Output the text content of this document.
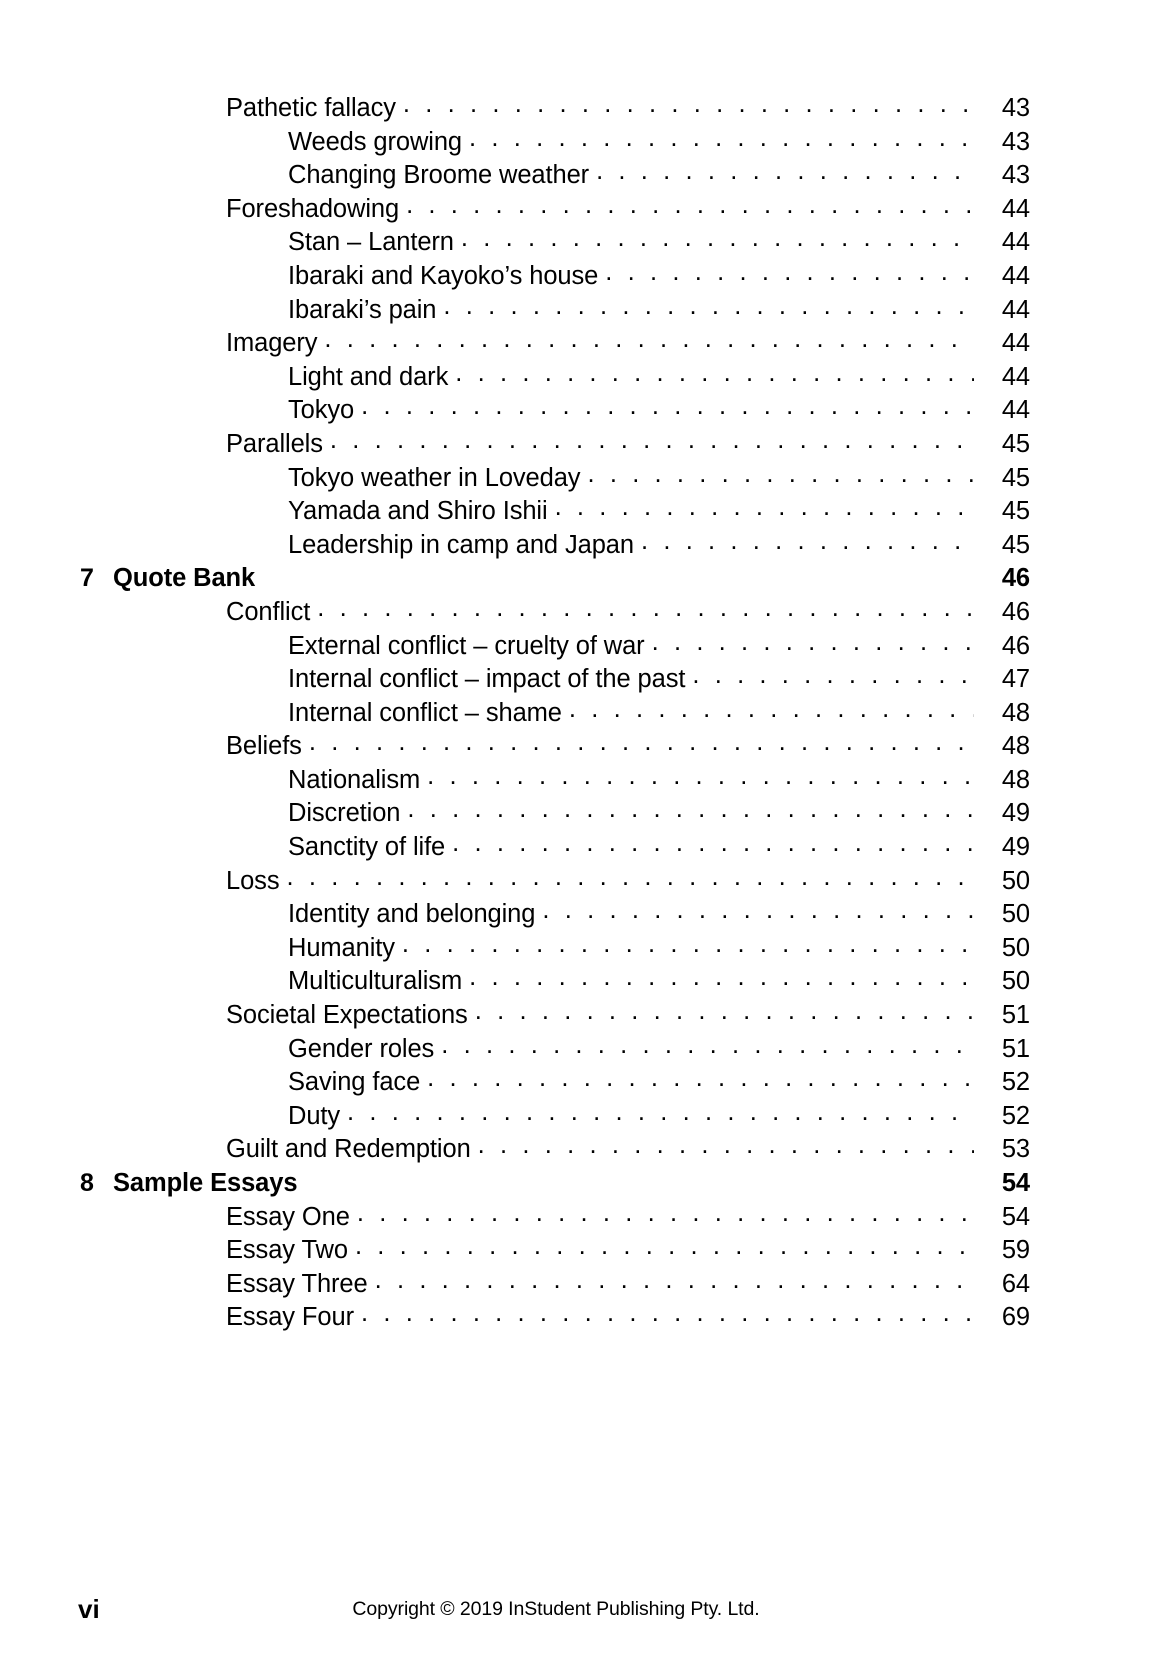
Pathetic fallacy . . .	43
Weeds growing . . .	43
Changing Broome weather . . .	43
Foreshadowing . . .	44
Stan – Lantern . . .	44
Ibaraki and Kayoko’s house . . .	44
Ibaraki’s pain . . .	44
Imagery . . .	44
Light and dark . . .	44
Tokyo . . .	44
Parallels . . .	45
Tokyo weather in Loveday . . .	45
Yamada and Shiro Ishii . . .	45
Leadership in camp and Japan . . .	45
7 Quote Bank	46
Conflict . . .	46
External conflict – cruelty of war . . .	46
Internal conflict – impact of the past . . .	47
Internal conflict – shame . . .	48
Beliefs . . .	48
Nationalism . . .	48
Discretion . . .	49
Sanctity of life . . .	49
Loss . . .	50
Identity and belonging . . .	50
Humanity . . .	50
Multiculturalism . . .	50
Societal Expectations . . .	51
Gender roles . . .	51
Saving face . . .	52
Duty . . .	52
Guilt and Redemption . . .	53
8 Sample Essays	54
Essay One . . .	54
Essay Two . . .	59
Essay Three . . .	64
Essay Four . . .	69
vi	Copyright © 2019 InStudent Publishing Pty. Ltd.
